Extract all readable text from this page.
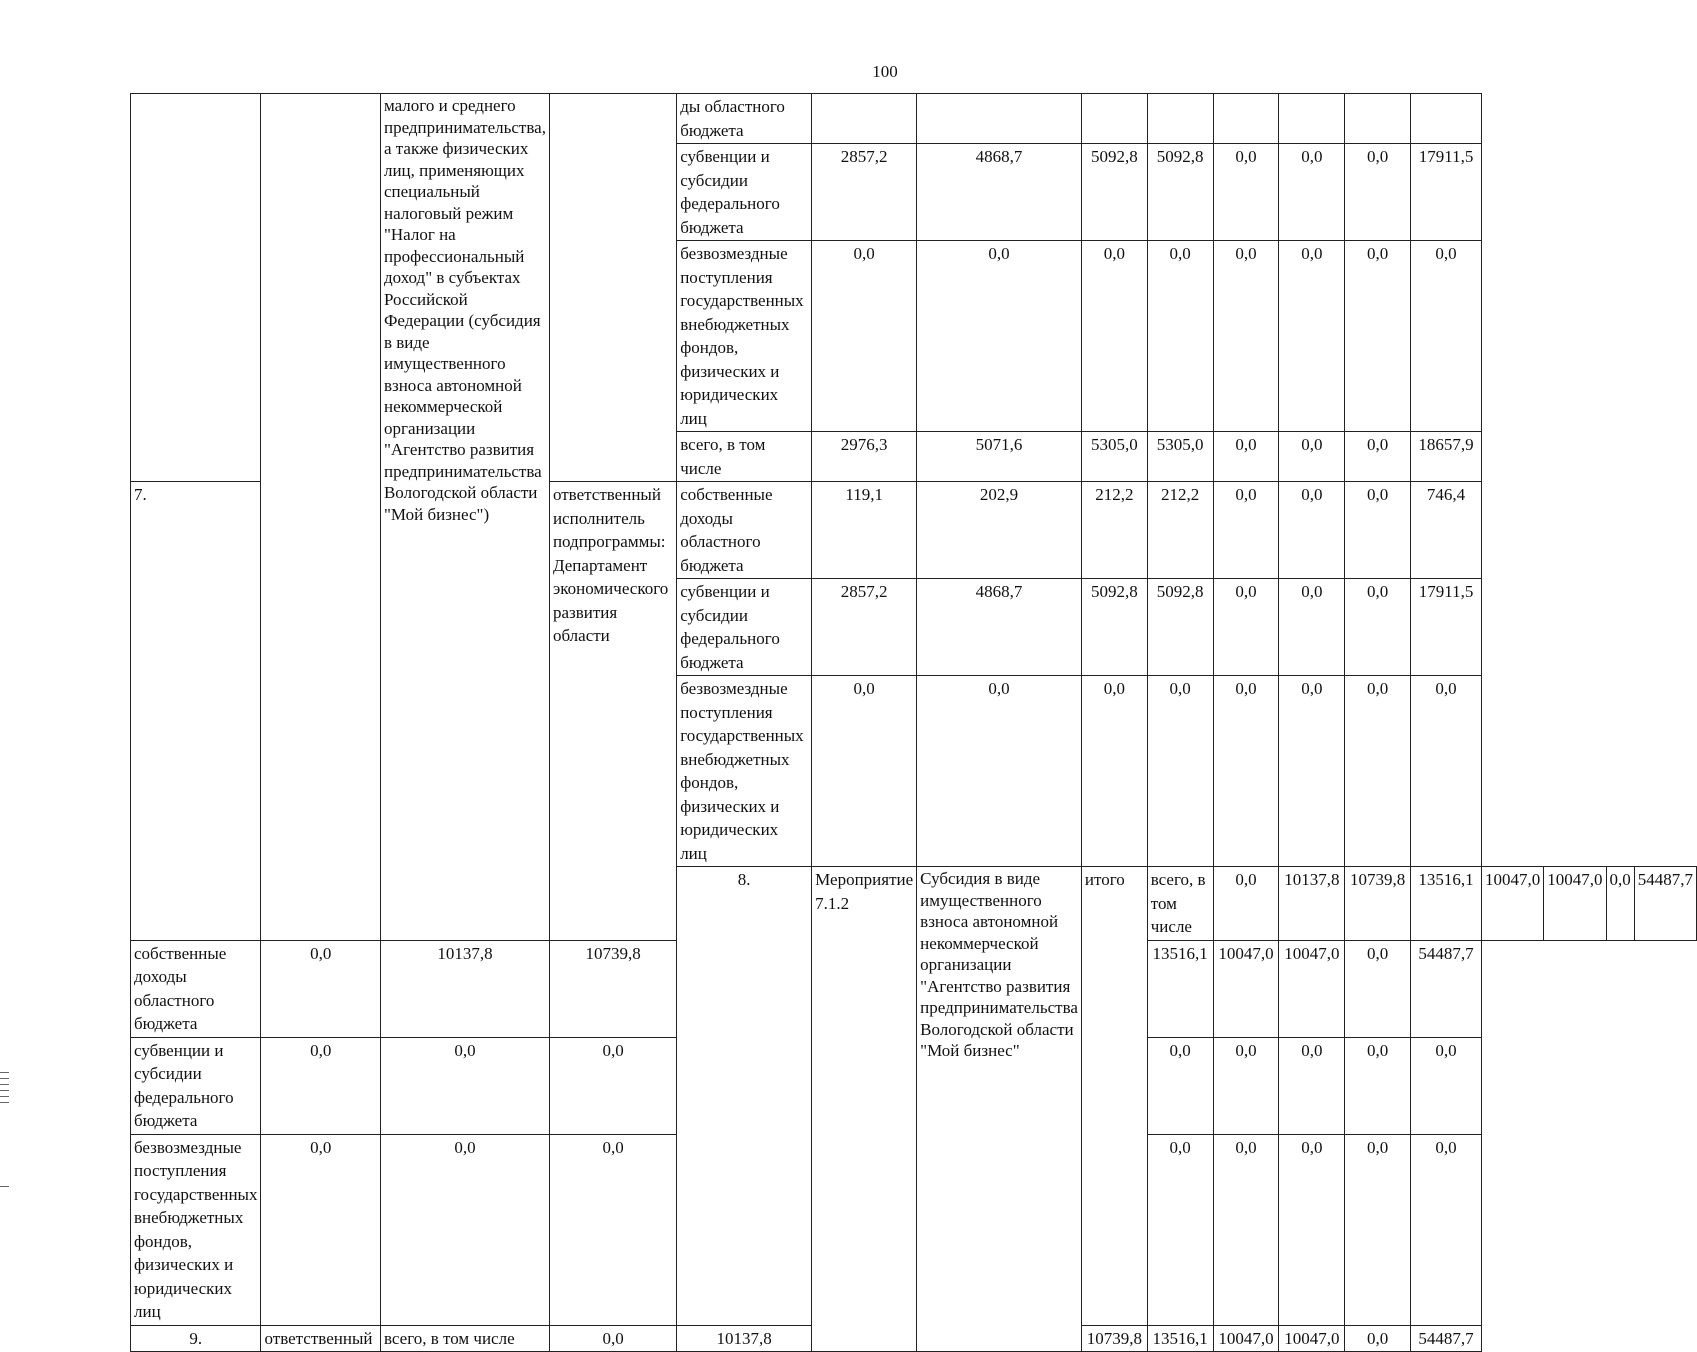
100
		малого и среднего предпринимательства, а также физических лиц, применяющих специальный налоговый режим "Налог на профессиональный доход" в субъектах Российской Федерации (субсидия в виде имущественного взноса автономной некоммерческой организации "Агентство развития предпринимательства Вологодской области "Мой бизнес")		ды областного бюджета												
				субвенции и субсидии федерального бюджета	2857,2	4868,7	5092,8	5092,8	0,0	0,0	0,0	17911,5				
				безвозмездные поступления государственных внебюджетных фондов, физических и юридических лиц	0,0	0,0	0,0	0,0	0,0	0,0	0,0	0,0				
				всего, в том числе	2976,3	5071,6	5305,0	5305,0	0,0	0,0	0,0	18657,9				
7.			ответственный исполнитель подпрограммы: Департамент экономического развития области	собственные доходы областного бюджета	119,1	202,9	212,2	212,2	0,0	0,0	0,0	746,4				
				субвенции и субсидии федерального бюджета	2857,2	4868,7	5092,8	5092,8	0,0	0,0	0,0	17911,5				
				безвозмездные поступления государственных внебюджетных фондов, физических и юридических лиц	0,0	0,0	0,0	0,0	0,0	0,0	0,0	0,0				
				8.	Мероприятие 7.1.2	Субсидия в виде имущественного взноса автономной некоммерческой организации "Агентство развития предпринимательства Вологодской области "Мой бизнес"	итого	всего, в том числе	0,0	10137,8	10739,8	13516,1	10047,0	10047,0	0,0	54487,7
собственные доходы областного бюджета	0,0	10137,8	10739,8					13516,1	10047,0	10047,0	0,0	54487,7				
субвенции и субсидии федерального бюджета	0,0	0,0	0,0					0,0	0,0	0,0	0,0	0,0				
безвозмездные поступления государственных внебюджетных фондов, физических и юридических лиц	0,0	0,0	0,0					0,0	0,0	0,0	0,0	0,0				
9.	ответственный	всего, в том числе	0,0	10137,8			10739,8	13516,1	10047,0	10047,0	0,0	54487,7				
